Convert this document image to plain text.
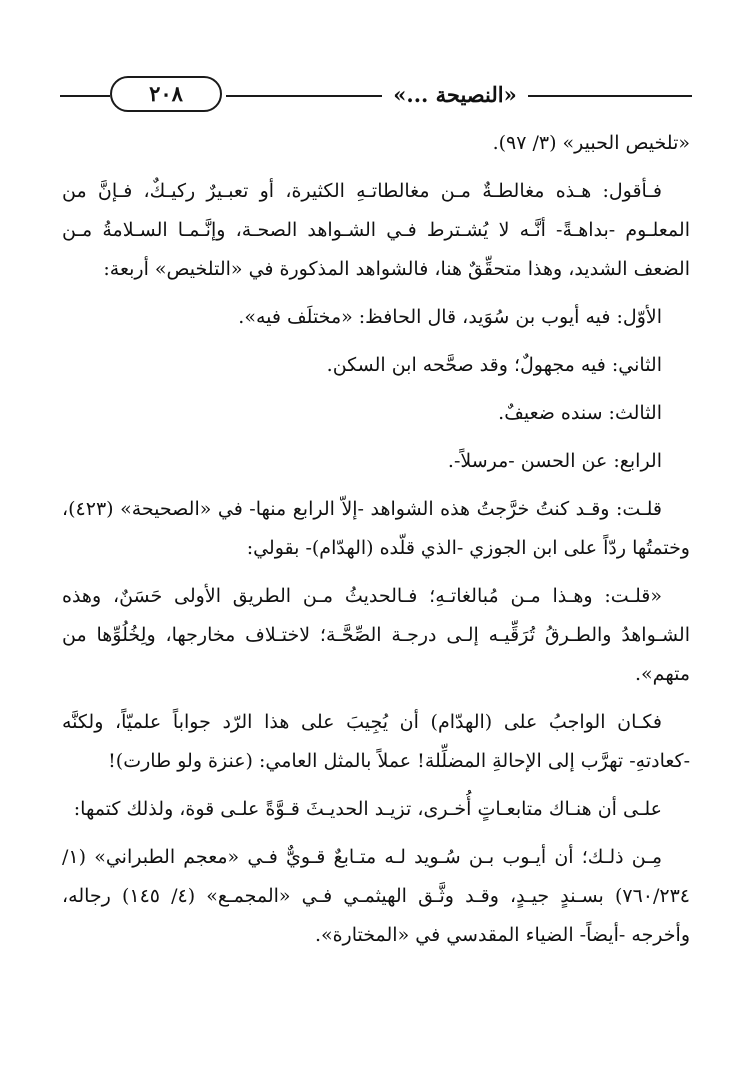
٢٠٨	«النصيحة ...»

«تلخيص الحبير» (٣/ ٩٧).

فـأقول: هـذه مغالطـةٌ مـن مغالطاتـهِ الكثيرة، أو تعبـيرٌ ركيـكٌ، فـإنَّ من المعلـوم -بداهـةً- أنَّـه لا يُشـترط فـي الشـواهد الصحـة، وإنَّـمـا السـلامةُ مـن الضعف الشديد، وهذا متحقِّقٌ هنا، فالشواهد المذكورة في «التلخيص» أربعة:

الأوّل: فيه أيوب بن سُوَيد، قال الحافظ: «مختلَف فيه».

الثاني: فيه مجهولٌ؛ وقد صحَّحه ابن السكن.

الثالث: سنده ضعيفٌ.

الرابع: عن الحسن -مرسلاً-.

قلـت: وقـد كنتُ خرَّجتُ هذه الشواهد -إلاّ الرابع منها- في «الصحيحة» (٤٢٣)، وختمتُها ردّاً على ابن الجوزي -الذي قلّده (الهدّام)- بقولي:

«قلـت: وهـذا مـن مُبالغاتـهِ؛ فـالحديثُ مـن الطريق الأولى حَسَنٌ، وهذه الشـواهدُ والطـرقُ تُرَقِّيـه إلـى درجـة الصِّحَّـة؛ لاختـلاف مخارجها، ولِخُلُوِّها من متهم».

فكـان الواجبُ على (الهدّام) أن يُجِيبَ على هذا الرّد جواباً علميّاً، ولكنَّه -كعادتهِ- تهرَّب إلى الإحالةِ المضلِّلة! عملاً بالمثل العامي: (عنزة ولو طارت)!

علـى أن هنـاك متابعـاتٍ أُخـرى، تزيـد الحديـثَ قـوَّةً علـى قوة، ولذلك كتمها:

مِـن ذلـك؛ أن أيـوب بـن سُـويد لـه متـابعٌ قـويٌّ فـي «معجم الطبراني» (١/ ٧٦٠/٢٣٤) بسـندٍ جيـدٍ، وقـد وثَّـق الهيثمـي فـي «المجمـع» (٤/ ١٤٥) رجاله، وأخرجه -أيضاً- الضياء المقدسي في «المختارة».
